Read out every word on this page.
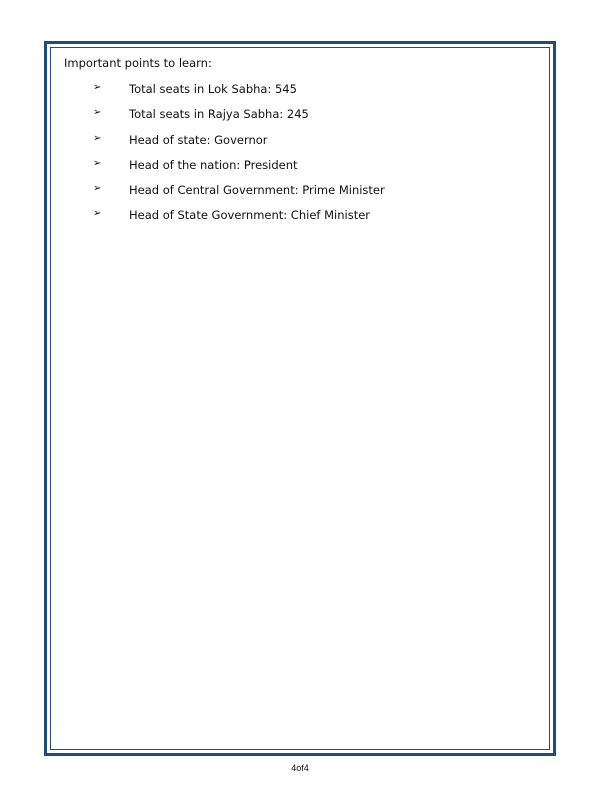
Important points to learn:
➢ Total seats in Lok Sabha: 545
➢ Total seats in Rajya Sabha: 245
➢ Head of state: Governor
➢ Head of the nation: President
➢ Head of Central Government: Prime Minister
➢ Head of State Government: Chief Minister
4of4
